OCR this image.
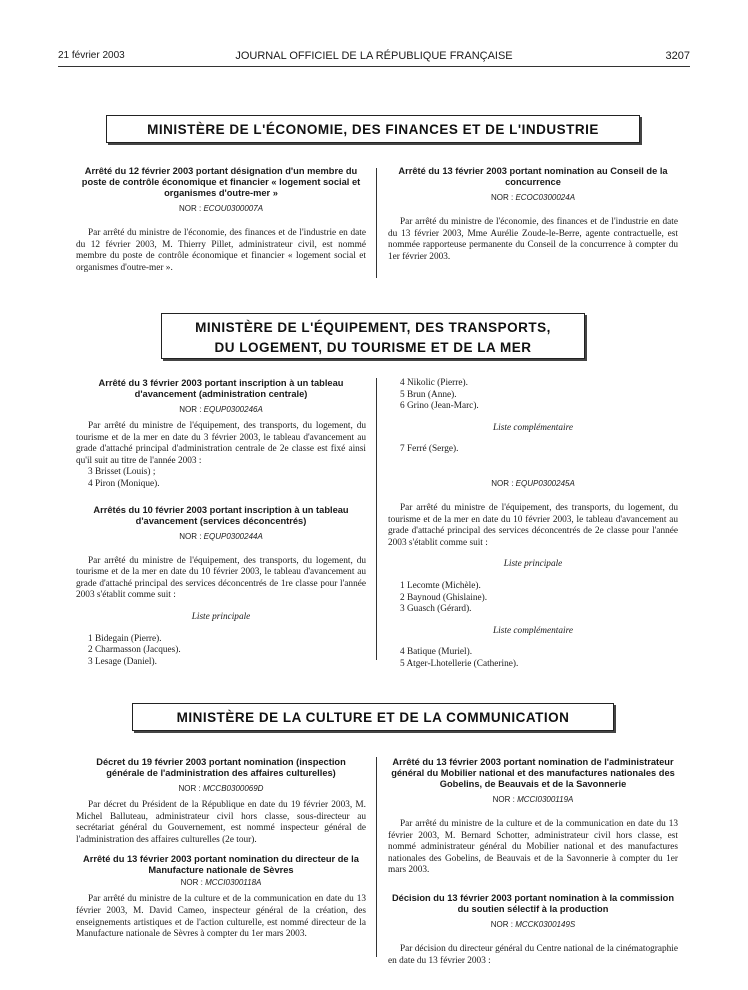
21 février 2003	JOURNAL OFFICIEL DE LA RÉPUBLIQUE FRANÇAISE	3207
MINISTÈRE DE L'ÉCONOMIE, DES FINANCES ET DE L'INDUSTRIE

Arrêté du 12 février 2003 portant désignation d'un membre du poste de contrôle économique et financier « logement social et organismes d'outre-mer »

NOR : ECOU0300007A

Par arrêté du ministre de l'économie, des finances et de l'industrie en date du 12 février 2003, M. Thierry Pillet, administrateur civil, est nommé membre du poste de contrôle économique et financier « logement social et organismes d'outre-mer ».

Arrêté du 13 février 2003 portant nomination au Conseil de la concurrence

NOR : ECOC0300024A

Par arrêté du ministre de l'économie, des finances et de l'industrie en date du 13 février 2003, Mme Aurélie Zoude-le-Berre, agente contractuelle, est nommée rapporteuse permanente du Conseil de la concurrence à compter du 1er février 2003.

MINISTÈRE DE L'ÉQUIPEMENT, DES TRANSPORTS,
DU LOGEMENT, DU TOURISME ET DE LA MER

Arrêté du 3 février 2003 portant inscription à un tableau d'avancement (administration centrale)

NOR : EQUP0300246A

Par arrêté du ministre de l'équipement, des transports, du logement, du tourisme et de la mer en date du 3 février 2003, le tableau d'avancement au grade d'attaché principal d'administration centrale de 2e classe est fixé ainsi qu'il suit au titre de l'année 2003 :

3 Brisset (Louis) ;

4 Piron (Monique).

Arrêtés du 10 février 2003 portant inscription à un tableau d'avancement (services déconcentrés)

NOR : EQUP0300244A

Par arrêté du ministre de l'équipement, des transports, du logement, du tourisme et de la mer en date du 10 février 2003, le tableau d'avancement au grade d'attaché principal des services déconcentrés de 1re classe pour l'année 2003 s'établit comme suit :

Liste principale

1 Bidegain (Pierre).

2 Charmasson (Jacques).

3 Lesage (Daniel).

4 Nikolic (Pierre).

5 Brun (Anne).

6 Grino (Jean-Marc).

Liste complémentaire

7 Ferré (Serge).

NOR : EQUP0300245A

Par arrêté du ministre de l'équipement, des transports, du logement, du tourisme et de la mer en date du 10 février 2003, le tableau d'avancement au grade d'attaché principal des services déconcentrés de 2e classe pour l'année 2003 s'établit comme suit :

Liste principale

1 Lecomte (Michèle).

2 Baynoud (Ghislaine).

3 Guasch (Gérard).

Liste complémentaire

4 Batique (Muriel).

5 Atger-Lhotellerie (Catherine).

MINISTÈRE DE LA CULTURE ET DE LA COMMUNICATION

Décret du 19 février 2003 portant nomination (inspection générale de l'administration des affaires culturelles)

NOR : MCCB0300069D

Par décret du Président de la République en date du 19 février 2003, M. Michel Balluteau, administrateur civil hors classe, sous-directeur au secrétariat général du Gouvernement, est nommé inspecteur général de l'administration des affaires culturelles (2e tour).

Arrêté du 13 février 2003 portant nomination du directeur de la Manufacture nationale de Sèvres

NOR : MCCI0300118A

Par arrêté du ministre de la culture et de la communication en date du 13 février 2003, M. David Cameo, inspecteur général de la création, des enseignements artistiques et de l'action culturelle, est nommé directeur de la Manufacture nationale de Sèvres à compter du 1er mars 2003.

Arrêté du 13 février 2003 portant nomination de l'administrateur général du Mobilier national et des manufactures nationales des Gobelins, de Beauvais et de la Savonnerie

NOR : MCCI0300119A

Par arrêté du ministre de la culture et de la communication en date du 13 février 2003, M. Bernard Schotter, administrateur civil hors classe, est nommé administrateur général du Mobilier national et des manufactures nationales des Gobelins, de Beauvais et de la Savonnerie à compter du 1er mars 2003.

Décision du 13 février 2003 portant nomination à la commission du soutien sélectif à la production

NOR : MCCK0300149S

Par décision du directeur général du Centre national de la cinématographie en date du 13 février 2003 :
